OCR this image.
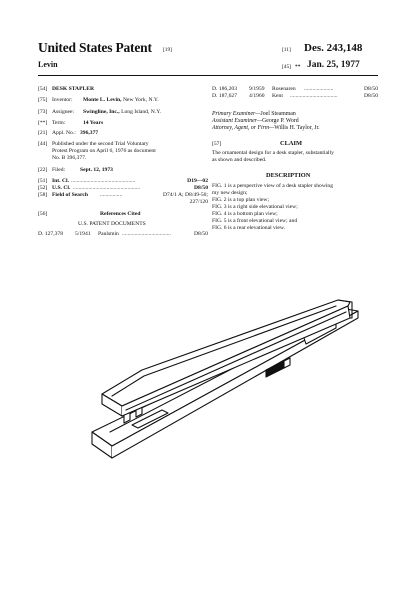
United States Patent [19]	[11] Des. 243,148
Levin	[45] ** Jan. 25, 1977
[54] DESK STAPLER
[75] Inventor: Monte L. Levin, New York, N.Y.
[73] Assignee: Swingline, Inc., Long Island, N.Y.
[**] Term:	14 Years
[21] Appl. No.: 396,377
[44] Published under the second Trial Voluntary
Protest Program on April 6, 1976 as document
No. B 396,377.
[22] Filed:	Sept. 12, 1973
[51] Int. Cl. ..............................................	D19—02
[52] U.S. Cl. ................................................	D8/50
[58] Field of Search ................	D74/1 A; D8/49-50;
227/120
[56]	References Cited
U.S. PATENT DOCUMENTS
D. 127,378 5/1941 Paulsmin ...................................	D8/50
D. 186,203 9/1959 Rosenaren .....................	D8/50
D. 187,627 4/1960 Kent ..................................	D8/50
Primary Examiner—Joel Steamman
Assistant Examiner—George P. Word
Attorney, Agent, or Firm—Willis H. Taylor, Jr.
[57]	CLAIM
The ornamental design for a desk stapler, substantially
as shown and described.
DESCRIPTION
FIG. 1 is a perspective view of a desk stapler showing
my new design;
FIG. 2 is a top plan view;
FIG. 3 is a right side elevational view;
FIG. 4 is a bottom plan view;
FIG. 5 is a front elevational view; and
FIG. 6 is a rear elevational view.
